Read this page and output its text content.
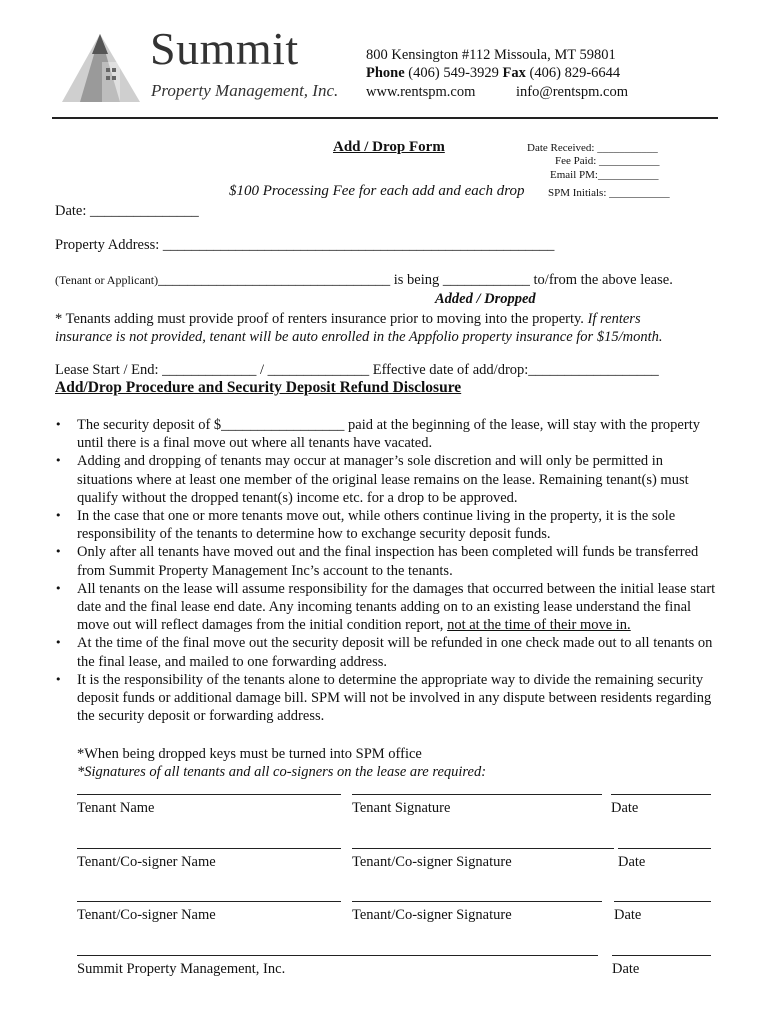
Summit
Property Management, Inc.
800 Kensington #112 Missoula, MT 59801
Phone (406) 549-3929 Fax (406) 829-6644
www.rentspm.com	info@rentspm.com
Add / Drop Form	Date Received: ___________
Fee Paid: ___________
Email PM:___________
SPM Initials: ___________
$100 Processing Fee for each add and each drop
Date: _______________
Property Address: ______________________________________________________
(Tenant or Applicant)________________________________ is being ____________ to/from the above lease.
Added / Dropped
* Tenants adding must provide proof of renters insurance prior to moving into the property. If renters
insurance is not provided, tenant will be auto enrolled in the Appfolio property insurance for $15/month.
Lease Start / End: _____________ / ______________ Effective date of add/drop:__________________
Add/Drop Procedure and Security Deposit Refund Disclosure
• The security deposit of $_________________ paid at the beginning of the lease, will stay with the property until there is a final move out where all tenants have vacated.
• Adding and dropping of tenants may occur at manager’s sole discretion and will only be permitted in situations where at least one member of the original lease remains on the lease. Remaining tenant(s) must qualify without the dropped tenant(s) income etc. for a drop to be approved.
• In the case that one or more tenants move out, while others continue living in the property, it is the sole responsibility of the tenants to determine how to exchange security deposit funds.
• Only after all tenants have moved out and the final inspection has been completed will funds be transferred from Summit Property Management Inc’s account to the tenants.
• All tenants on the lease will assume responsibility for the damages that occurred between the initial lease start date and the final lease end date. Any incoming tenants adding on to an existing lease understand the final move out will reflect damages from the initial condition report, not at the time of their move in.
• At the time of the final move out the security deposit will be refunded in one check made out to all tenants on the final lease, and mailed to one forwarding address.
• It is the responsibility of the tenants alone to determine the appropriate way to divide the remaining security deposit funds or additional damage bill. SPM will not be involved in any dispute between residents regarding the security deposit or forwarding address.
*When being dropped keys must be turned into SPM office
*Signatures of all tenants and all co-signers on the lease are required:
Tenant Name	Tenant Signature	Date
Tenant/Co-signer Name	Tenant/Co-signer Signature	Date
Tenant/Co-signer Name	Tenant/Co-signer Signature	Date
Summit Property Management, Inc.	Date
